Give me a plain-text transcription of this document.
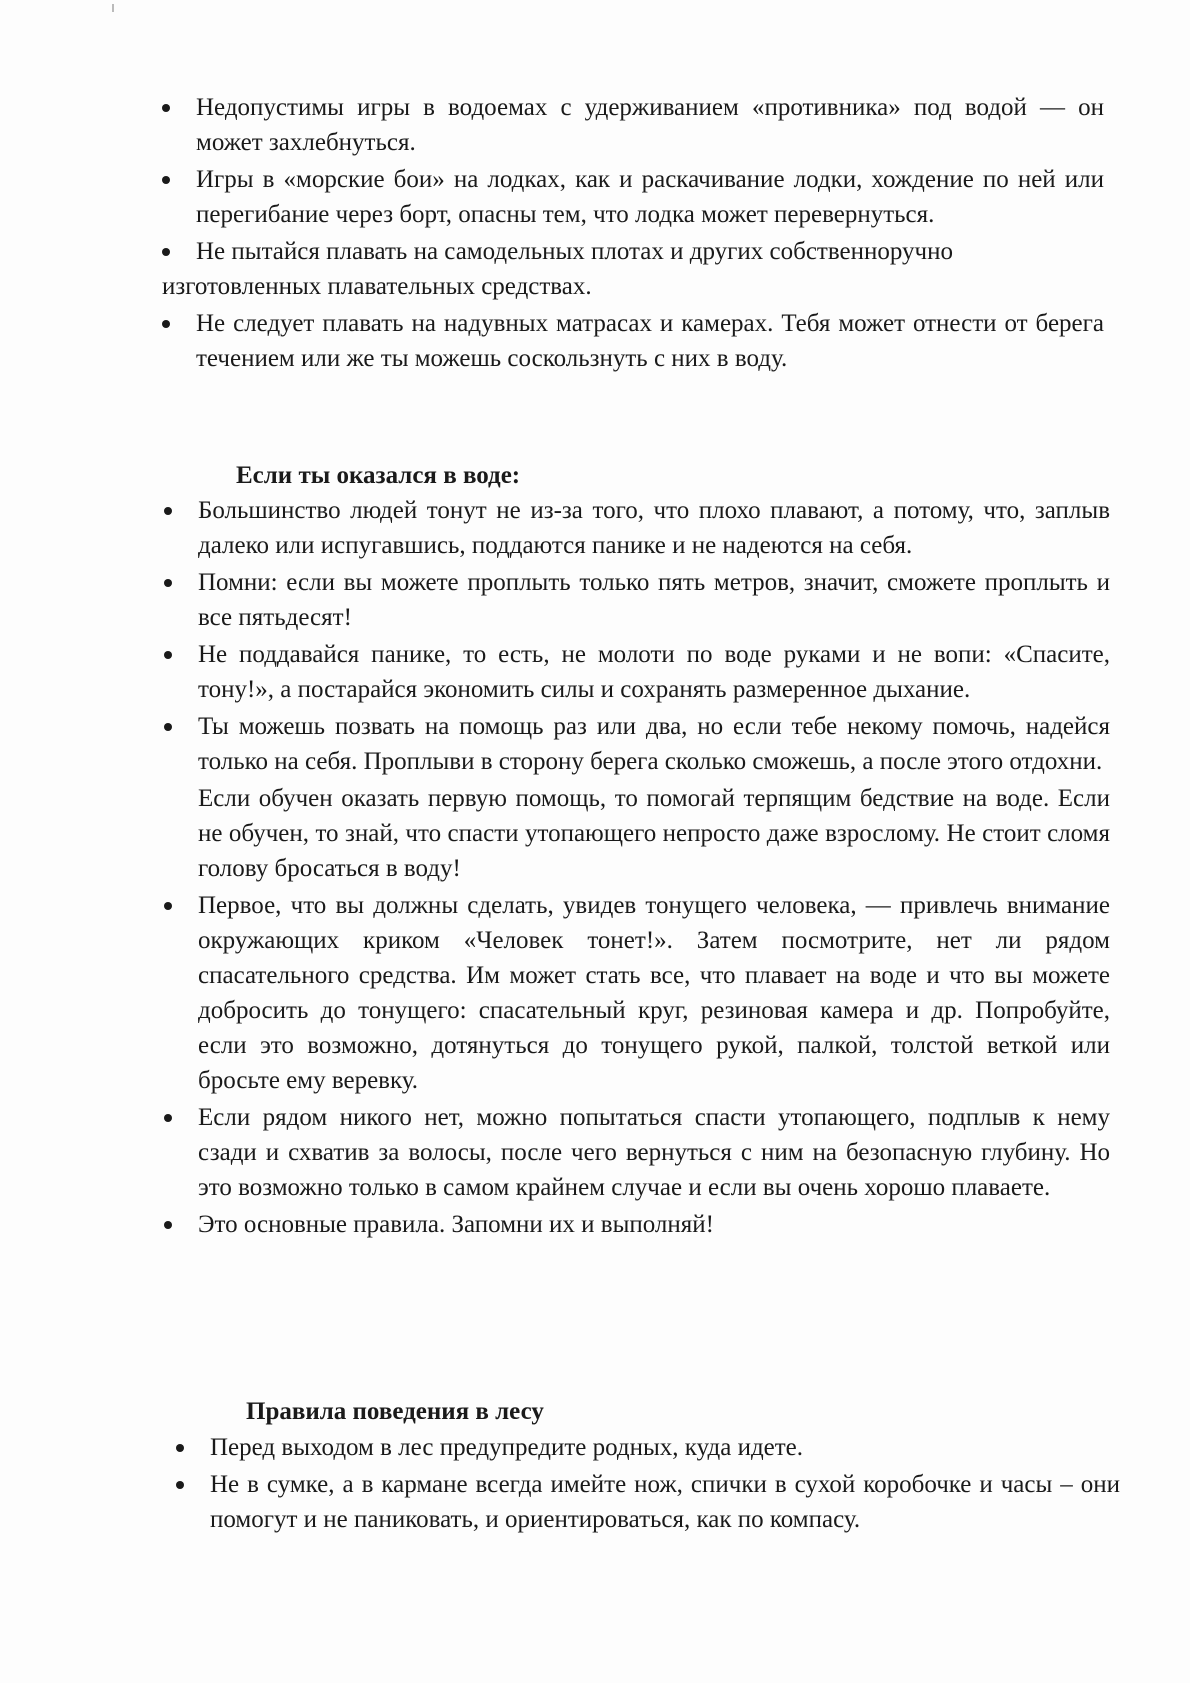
Недопустимы игры в водоемах с удерживанием «противника» под водой — он может захлебнуться.
Игры в «морские бои» на лодках, как и раскачивание лодки, хождение по ней или перегибание через борт, опасны тем, что лодка может перевернуться.
Не пытайся плавать на самодельных плотах и других собственноручно изготовленных плавательных средствах.
Не следует плавать на надувных матрасах и камерах. Тебя может отнести от берега течением или же ты можешь соскользнуть с них в воду.
Если ты оказался в воде:
Большинство людей тонут не из-за того, что плохо плавают, а потому, что, заплыв далеко или испугавшись, поддаются панике и не надеются на себя.
Помни: если вы можете проплыть только пять метров, значит, сможете проплыть и все пятьдесят!
Не поддавайся панике, то есть, не молоти по воде руками и не вопи: «Спасите, тону!», а постарайся экономить силы и сохранять размеренное дыхание.
Ты можешь позвать на помощь раз или два, но если тебе некому помочь, надейся только на себя. Проплыви в сторону берега сколько сможешь, а после этого отдохни.
Если обучен оказать первую помощь, то помогай терпящим бедствие на воде. Если не обучен, то знай, что спасти утопающего непросто даже взрослому. Не стоит сломя голову бросаться в воду!
Первое, что вы должны сделать, увидев тонущего человека, — привлечь внимание окружающих криком «Человек тонет!». Затем посмотрите, нет ли рядом спасательного средства. Им может стать все, что плавает на воде и что вы можете добросить до тонущего: спасательный круг, резиновая камера и др. Попробуйте, если это возможно, дотянуться до тонущего рукой, палкой, толстой веткой или бросьте ему веревку.
Если рядом никого нет, можно попытаться спасти утопающего, подплыв к нему сзади и схватив за волосы, после чего вернуться с ним на безопасную глубину. Но это возможно только в самом крайнем случае и если вы очень хорошо плаваете.
Это основные правила. Запомни их и выполняй!
Правила поведения в лесу
Перед выходом в лес предупредите родных, куда идете.
Не в сумке, а в кармане всегда имейте нож, спички в сухой коробочке и часы – они помогут и не паниковать, и ориентироваться, как по компасу.
